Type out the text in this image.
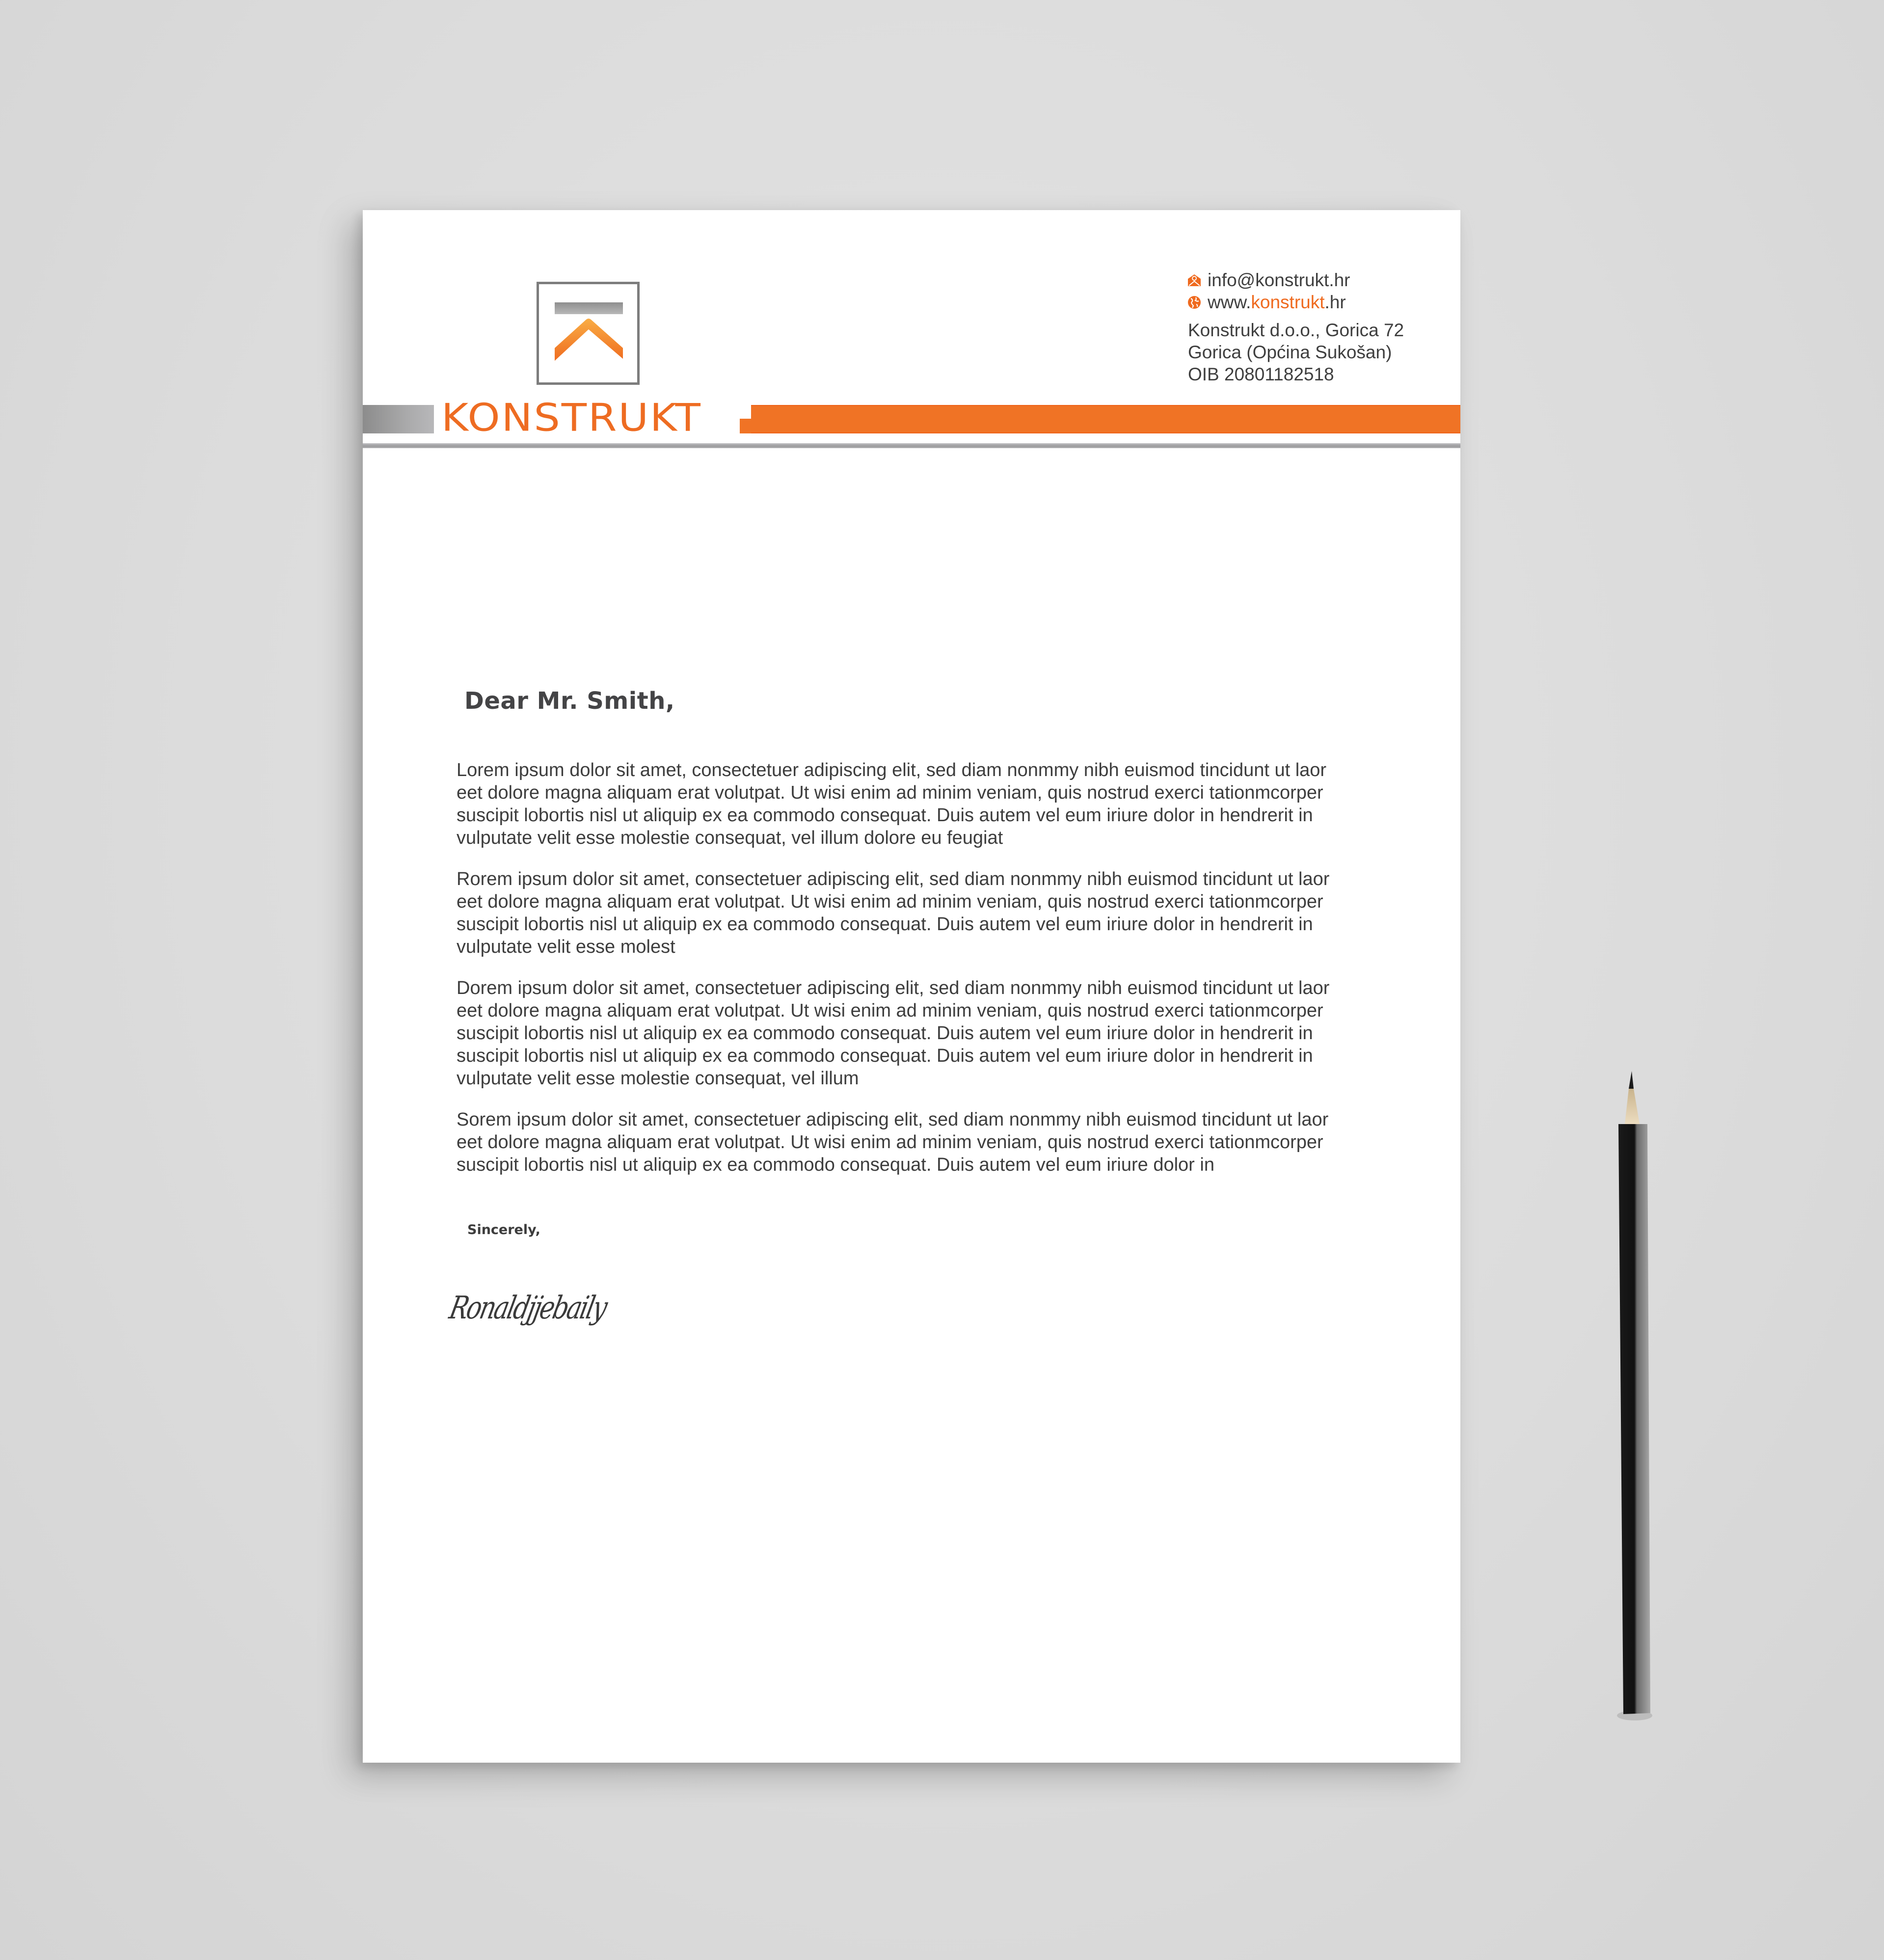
KONSTRUKT
info@konstrukt.hr
www.konstrukt.hr
Konstrukt d.o.o., Gorica 72
Gorica (Općina Sukošan)
OIB 20801182518
Dear Mr. Smith,

Lorem ipsum dolor sit amet, consectetuer adipiscing elit, sed diam nonmmy nibh euismod tincidunt ut laor
eet dolore magna aliquam erat volutpat. Ut wisi enim ad minim veniam, quis nostrud exerci tationmcorper
suscipit lobortis nisl ut aliquip ex ea commodo consequat. Duis autem vel eum iriure dolor in hendrerit in
vulputate velit esse molestie consequat, vel illum dolore eu feugiat

Rorem ipsum dolor sit amet, consectetuer adipiscing elit, sed diam nonmmy nibh euismod tincidunt ut laor
eet dolore magna aliquam erat volutpat. Ut wisi enim ad minim veniam, quis nostrud exerci tationmcorper
suscipit lobortis nisl ut aliquip ex ea commodo consequat. Duis autem vel eum iriure dolor in hendrerit in
vulputate velit esse molest

Dorem ipsum dolor sit amet, consectetuer adipiscing elit, sed diam nonmmy nibh euismod tincidunt ut laor
eet dolore magna aliquam erat volutpat. Ut wisi enim ad minim veniam, quis nostrud exerci tationmcorper
suscipit lobortis nisl ut aliquip ex ea commodo consequat. Duis autem vel eum iriure dolor in hendrerit in
suscipit lobortis nisl ut aliquip ex ea commodo consequat. Duis autem vel eum iriure dolor in hendrerit in
vulputate velit esse molestie consequat, vel illum

Sorem ipsum dolor sit amet, consectetuer adipiscing elit, sed diam nonmmy nibh euismod tincidunt ut laor
eet dolore magna aliquam erat volutpat. Ut wisi enim ad minim veniam, quis nostrud exerci tationmcorper
suscipit lobortis nisl ut aliquip ex ea commodo consequat. Duis autem vel eum iriure dolor in

Sincerely,
Ronaldjjebaily
